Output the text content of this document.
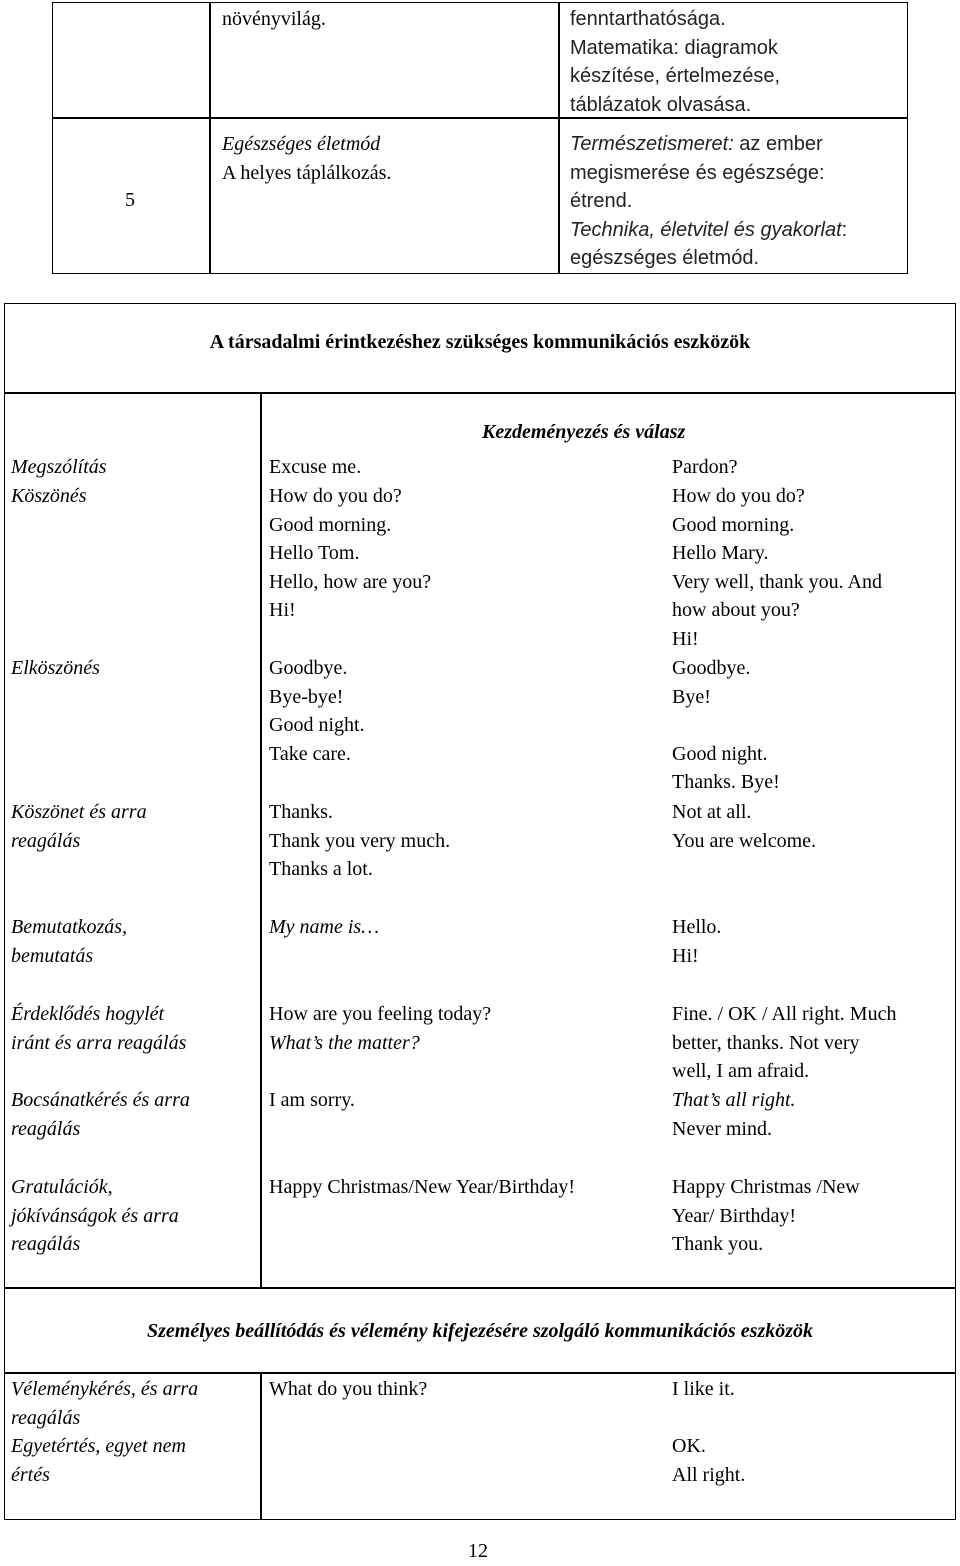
növényvilág.	fenntarthatósága.
Matematika: diagramok
készítése, értelmezése,
táblázatok olvasása.
5
Egészséges életmód
A helyes táplálkozás.
Természetismeret: az ember
megismerése és egészsége:
étrend.
Technika, életvitel és gyakorlat:
egészséges életmód.
A társadalmi érintkezéshez szükséges kommunikációs eszközök
Kezdeményezés és válasz
Megszólítás
Köszönés
Elköszönés
Köszönet és arra
reagálás
Bemutatkozás,
bemutatás
Érdeklődés hogylét
iránt és arra reagálás
Bocsánatkérés és arra
reagálás
Gratulációk,
jókívánságok és arra
reagálás
Excuse me.
How do you do?
Good morning.
Hello Tom.
Hello, how are you?
Hi!
Goodbye.
Bye-bye!
Good night.
Take care.
Thanks.
Thank you very much.
Thanks a lot.
My name is…
How are you feeling today?
What’s the matter?
I am sorry.
Happy Christmas/New Year/Birthday!
Pardon?
How do you do?
Good morning.
Hello Mary.
Very well, thank you. And
how about you?
Hi!
Goodbye.
Bye!

Good night.
Thanks. Bye!
Not at all.
You are welcome.
Hello.
Hi!
Fine. / OK / All right. Much
better, thanks. Not very
well, I am afraid.
That’s all right.
Never mind.
Happy Christmas /New
Year/ Birthday!
Thank you.
Személyes beállítódás és vélemény kifejezésére szolgáló kommunikációs eszközök
Véleménykérés, és arra
reagálás
Egyetértés, egyet nem
értés
What do you think?	I like it.
OK.
All right.
12
